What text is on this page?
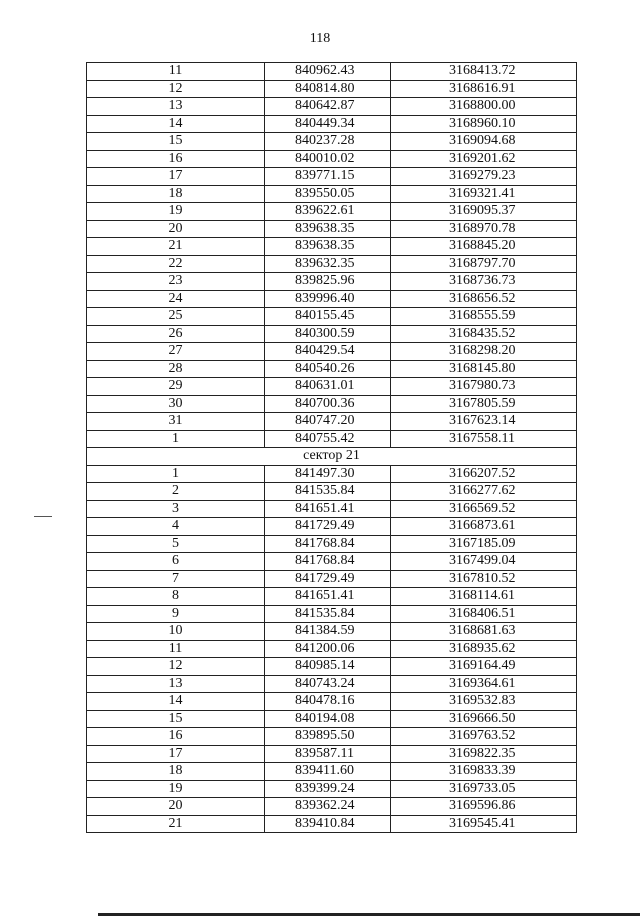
118
11	840962.43	3168413.72
12	840814.80	3168616.91
13	840642.87	3168800.00
14	840449.34	3168960.10
15	840237.28	3169094.68
16	840010.02	3169201.62
17	839771.15	3169279.23
18	839550.05	3169321.41
19	839622.61	3169095.37
20	839638.35	3168970.78
21	839638.35	3168845.20
22	839632.35	3168797.70
23	839825.96	3168736.73
24	839996.40	3168656.52
25	840155.45	3168555.59
26	840300.59	3168435.52
27	840429.54	3168298.20
28	840540.26	3168145.80
29	840631.01	3167980.73
30	840700.36	3167805.59
31	840747.20	3167623.14
1	840755.42	3167558.11
сектор 21		
1	841497.30	3166207.52
2	841535.84	3166277.62
3	841651.41	3166569.52
4	841729.49	3166873.61
5	841768.84	3167185.09
6	841768.84	3167499.04
7	841729.49	3167810.52
8	841651.41	3168114.61
9	841535.84	3168406.51
10	841384.59	3168681.63
11	841200.06	3168935.62
12	840985.14	3169164.49
13	840743.24	3169364.61
14	840478.16	3169532.83
15	840194.08	3169666.50
16	839895.50	3169763.52
17	839587.11	3169822.35
18	839411.60	3169833.39
19	839399.24	3169733.05
20	839362.24	3169596.86
21	839410.84	3169545.41
